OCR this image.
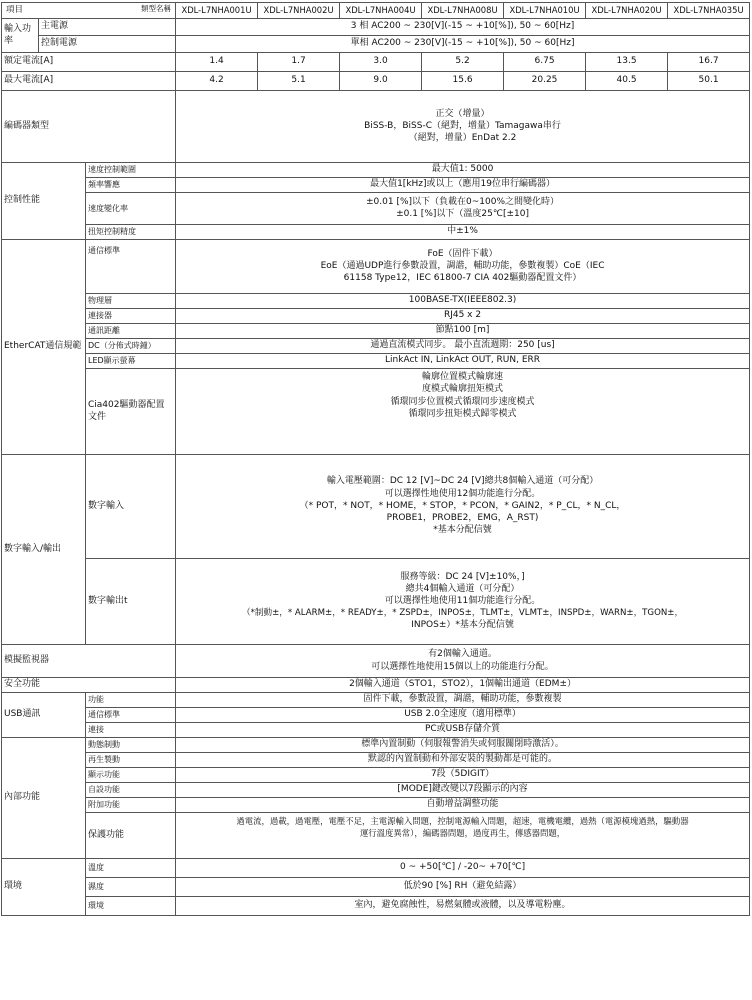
項目 類型名稱			XDL-L7NHA001U	XDL-L7NHA002U	XDL-L7NHA004U	XDL-L7NHA008U	XDL-L7NHA010U	XDL-L7NHA020U	XDL-L7NHA035U
輸入功率	主電源		3 相 AC200 ~ 230[V](-15 ~ +10[%]), 50 ~ 60[Hz]						
	控制電源		單相 AC200 ~ 230[V](-15 ~ +10[%]), 50 ~ 60[Hz]						
額定電流[A]			1.4	1.7	3.0	5.2	6.75	13.5	16.7
最大電流[A]			4.2	5.1	9.0	15.6	20.25	40.5	50.1
編碼器類型			正交（增量）
BiSS-B，BiSS-C（絕對，增量）Tamagawa串行
（絕對，增量）EnDat 2.2						

控制性能		速度控制範圍	最大值1: 5000						
		頻率響應	最大值1[kHz]或以上（應用19位串行編碼器）						
		速度變化率	±0.01 [%]以下（負載在0~100%之間變化時）
±0.1 [%]以下（溫度25℃[±10]						

		扭矩控制精度	中±1%						
EtherCAT通信規範		通信標準	FoE（固件下載）
EoE（通過UDP進行參數設置，調諧，輔助功能，參數複製）CoE（IEC
61158 Type12，IEC 61800-7 CIA 402驅動器配置文件）						

		物理層	100BASE-TX(IEEE802.3)						
		連接器	RJ45 x 2						
		通訊距離	節點100 [m]						
		DC（分佈式時鐘）	通過直流模式同步。 最小直流週期：250 [us]						
		LED顯示螢幕	LinkAct IN, LinkAct OUT, RUN, ERR						
		Cia402驅動器配置文件	輪廓位置模式輪廓速
度模式輪廓扭矩模式
循環同步位置模式循環同步速度模式
循環同步扭矩模式歸零模式						

數字輸入/輸出		數字輸入	輸入電壓範圍：DC 12 [V]~DC 24 [V]總共8個輸入通道（可分配）
可以選擇性地使用12個功能進行分配。
（* POT，* NOT，* HOME，* STOP，* PCON，* GAIN2，* P_CL，* N_CL，
PROBE1，PROBE2，EMG，A_RST)
*基本分配信號						

		數字輸出t	服務等級：DC 24 [V]±10%，]
總共4個輸入通道（可分配）
可以選擇性地使用11個功能進行分配。
（*制動±，* ALARM±，* READY±，* ZSPD±，INPOS±，TLMT±，VLMT±，INSPD±，WARN±，TGON±，
INPOS±）*基本分配信號						

模擬監視器			有2個輸入通道。
可以選擇性地使用15個以上的功能進行分配。						

安全功能			2個輸入通道（STO1，STO2），1個輸出通道（EDM±）						
USB通訊		功能	固件下載，參數設置，調諧，輔助功能，參數複製						
		通信標準	USB 2.0全速度（適用標準）						
		連接	PC或USB存儲介質						
內部功能		動態制動	標準內置制動（伺服報警消失或伺服關閉時激活）。						
		再生製動	默認的內置制動和外部安裝的製動都是可能的。						
		顯示功能	7段（5DIGIT）						
		自設功能	[MODE]鍵改變以7段顯示的內容						
		附加功能	自動增益調整功能						
		保護功能	過電流，過載，過電壓，電壓不足，主電源輸入問題，控制電源輸入問題，超速，電機電纜，過熱（電源模塊過熱，驅動器
運行溫度異常），編碼器問題，過度再生，傳感器問題，						

環境		溫度	0 ~ +50[℃] / -20~ +70[℃]						
		濕度	低於90 [%] RH（避免結露）						
		環境	室內，避免腐蝕性，易燃氣體或液體，以及導電粉塵。						
